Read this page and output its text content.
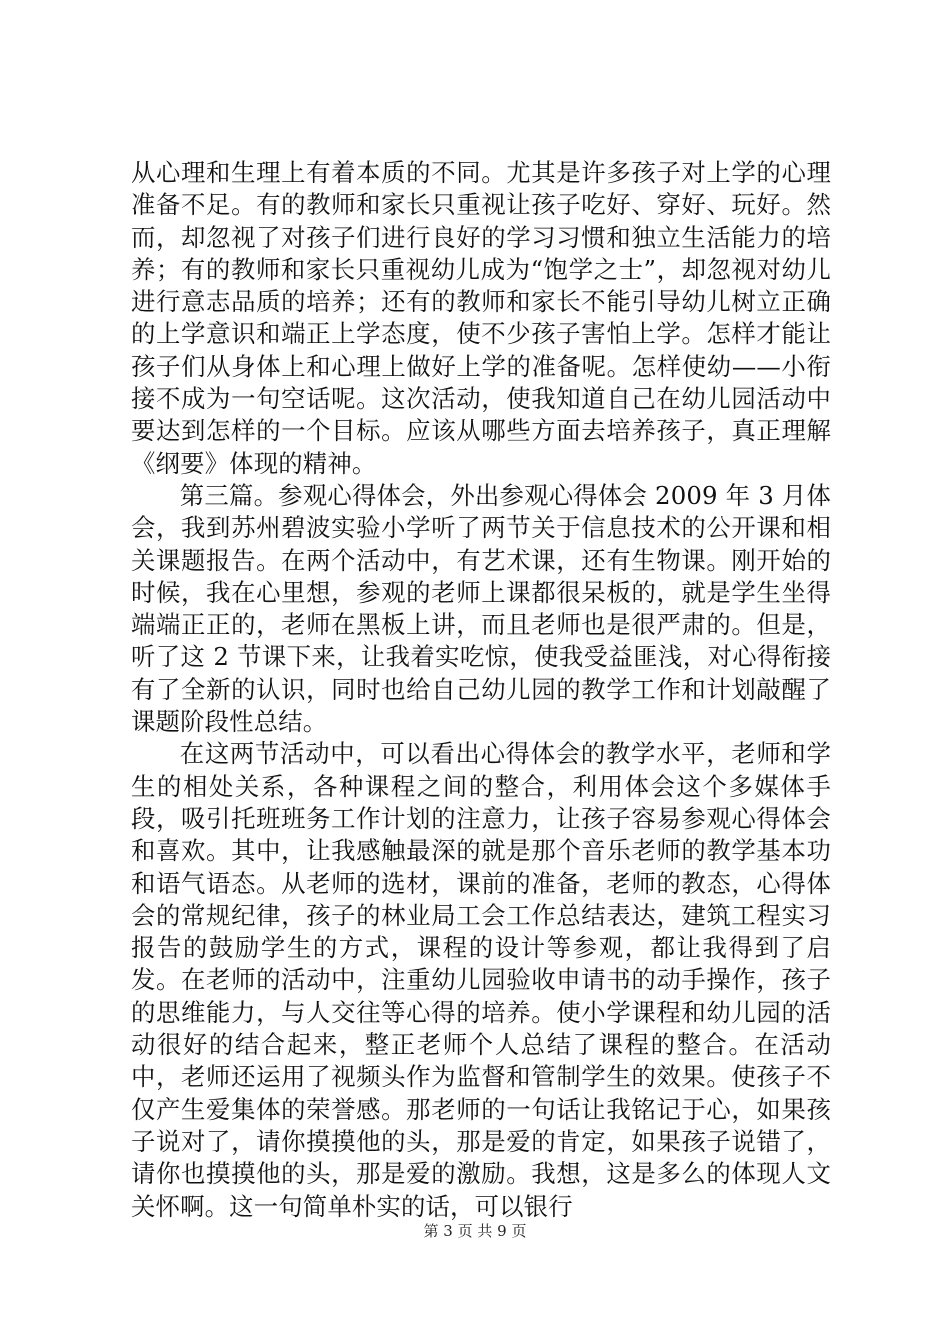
从心理和生理上有着本质的不同。尤其是许多孩子对上学的心理准备不足。有的教师和家长只重视让孩子吃好、穿好、玩好。然而，却忽视了对孩子们进行良好的学习习惯和独立生活能力的培养；有的教师和家长只重视幼儿成为“饱学之士”，却忽视对幼儿进行意志品质的培养；还有的教师和家长不能引导幼儿树立正确的上学意识和端正上学态度，使不少孩子害怕上学。怎样才能让孩子们从身体上和心理上做好上学的准备呢。怎样使幼——小衔接不成为一句空话呢。这次活动，使我知道自己在幼儿园活动中要达到怎样的一个目标。应该从哪些方面去培养孩子，真正理解《纲要》体现的精神。

第三篇。参观心得体会，外出参观心得体会 2009 年 3 月体会，我到苏州碧波实验小学听了两节关于信息技术的公开课和相关课题报告。在两个活动中，有艺术课，还有生物课。刚开始的时候，我在心里想，参观的老师上课都很呆板的，就是学生坐得端端正正的，老师在黑板上讲，而且老师也是很严肃的。但是，听了这 2 节课下来，让我着实吃惊，使我受益匪浅，对心得衔接有了全新的认识，同时也给自己幼儿园的教学工作和计划敲醒了课题阶段性总结。

在这两节活动中，可以看出心得体会的教学水平，老师和学生的相处关系，各种课程之间的整合，利用体会这个多媒体手段，吸引托班班务工作计划的注意力，让孩子容易参观心得体会和喜欢。其中，让我感触最深的就是那个音乐老师的教学基本功和语气语态。从老师的选材，课前的准备，老师的教态，心得体会的常规纪律，孩子的林业局工会工作总结表达，建筑工程实习报告的鼓励学生的方式，课程的设计等参观，都让我得到了启发。在老师的活动中，注重幼儿园验收申请书的动手操作，孩子的思维能力，与人交往等心得的培养。使小学课程和幼儿园的活动很好的结合起来，整正老师个人总结了课程的整合。在活动中，老师还运用了视频头作为监督和管制学生的效果。使孩子不仅产生爱集体的荣誉感。那老师的一句话让我铭记于心，如果孩子说对了，请你摸摸他的头，那是爱的肯定，如果孩子说错了，请你也摸摸他的头，那是爱的激励。我想，这是多么的体现人文关怀啊。这一句简单朴实的话，可以银行

第 3 页 共 9 页
